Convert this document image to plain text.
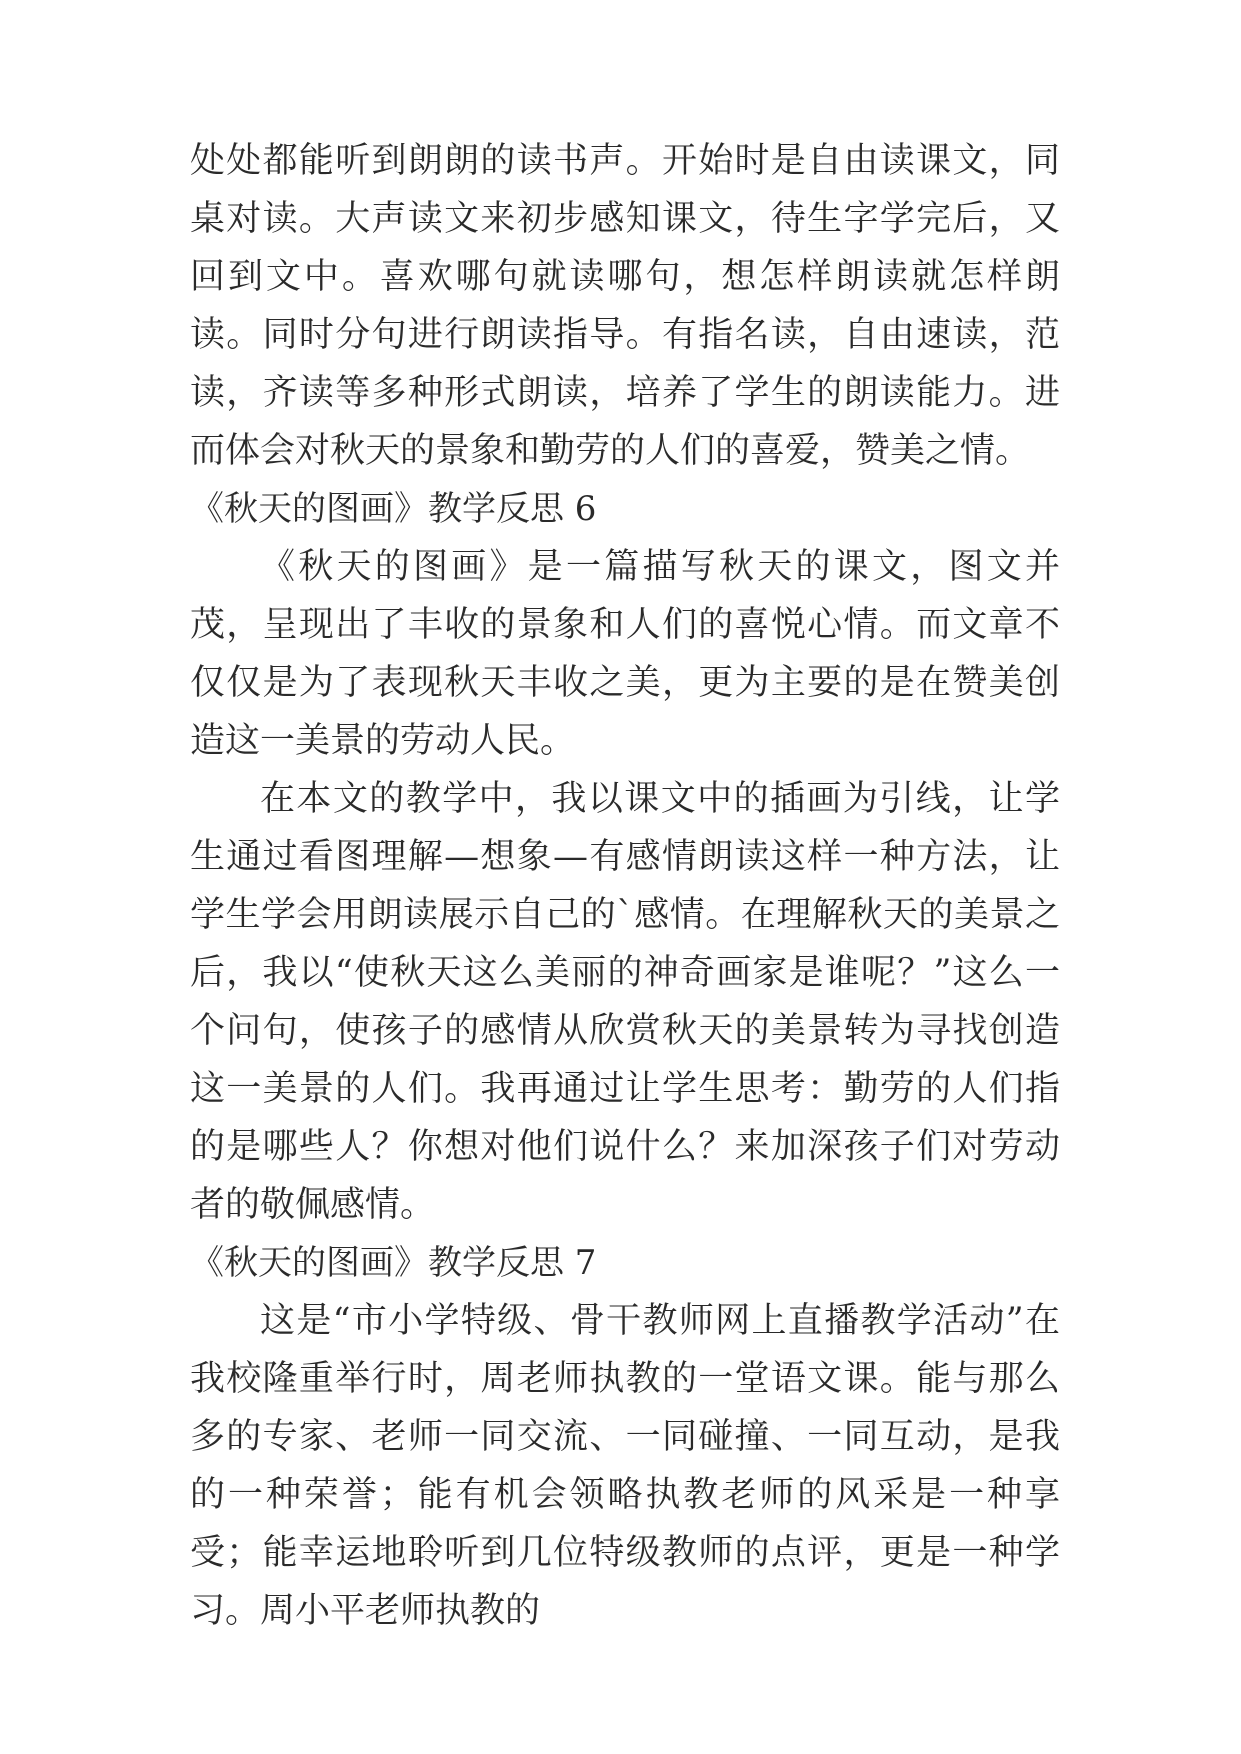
处处都能听到朗朗的读书声。开始时是自由读课文，同桌对读。大声读文来初步感知课文，待生字学完后，又回到文中。喜欢哪句就读哪句，想怎样朗读就怎样朗读。同时分句进行朗读指导。有指名读，自由速读，范读，齐读等多种形式朗读，培养了学生的朗读能力。进而体会对秋天的景象和勤劳的人们的喜爱，赞美之情。

《秋天的图画》教学反思 6

《秋天的图画》是一篇描写秋天的课文，图文并茂，呈现出了丰收的景象和人们的喜悦心情。而文章不仅仅是为了表现秋天丰收之美，更为主要的是在赞美创造这一美景的劳动人民。

在本文的教学中，我以课文中的插画为引线，让学生通过看图理解—想象—有感情朗读这样一种方法，让学生学会用朗读展示自己的`感情。在理解秋天的美景之后，我以“使秋天这么美丽的神奇画家是谁呢？”这么一个问句，使孩子的感情从欣赏秋天的美景转为寻找创造这一美景的人们。我再通过让学生思考：勤劳的人们指的是哪些人？你想对他们说什么？来加深孩子们对劳动者的敬佩感情。

《秋天的图画》教学反思 7

这是“市小学特级、骨干教师网上直播教学活动”在我校隆重举行时，周老师执教的一堂语文课。能与那么多的专家、老师一同交流、一同碰撞、一同互动，是我的一种荣誉；能有机会领略执教老师的风采是一种享受；能幸运地聆听到几位特级教师的点评，更是一种学习。周小平老师执教的
